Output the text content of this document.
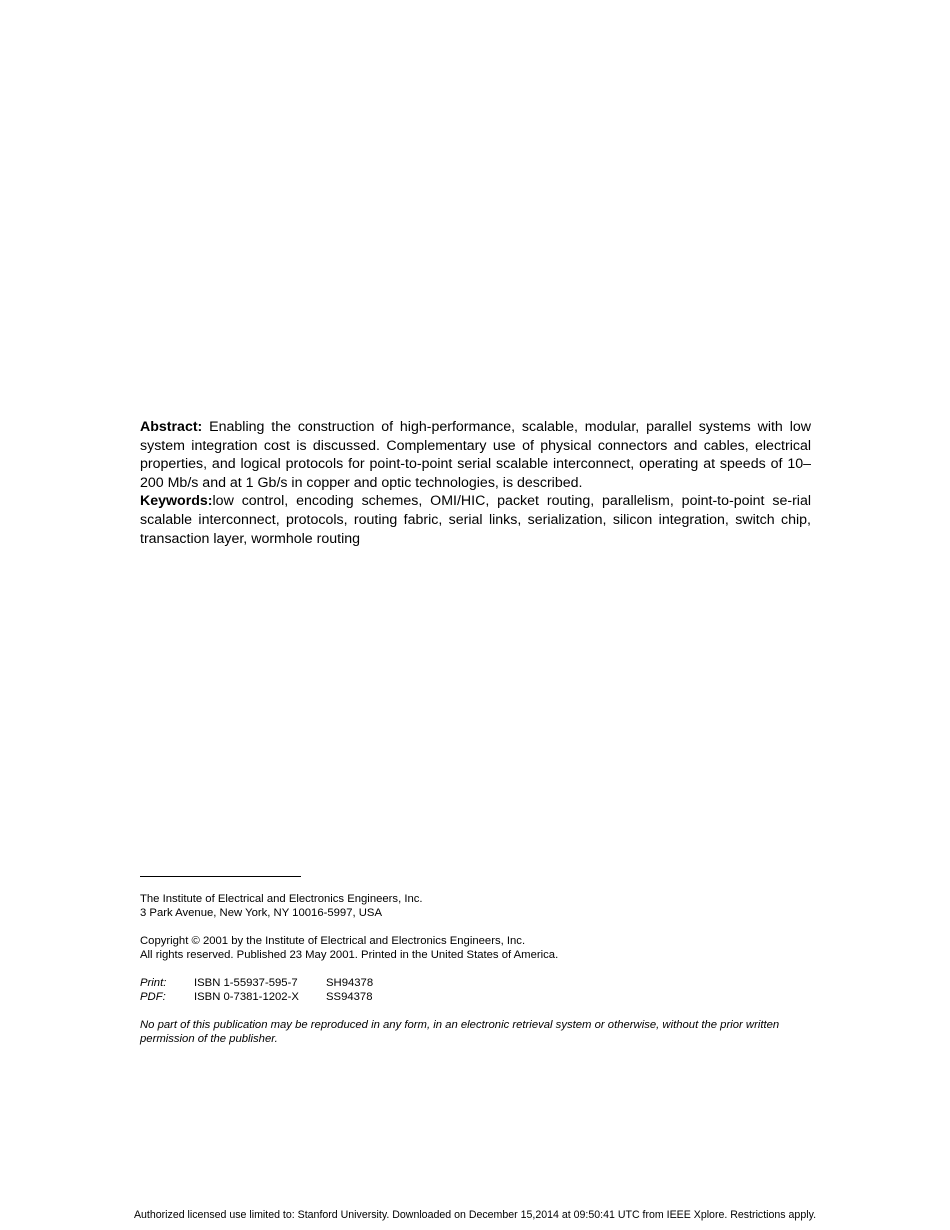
Abstract: Enabling the construction of high-performance, scalable, modular, parallel systems with low system integration cost is discussed. Complementary use of physical connectors and cables, electrical properties, and logical protocols for point-to-point serial scalable interconnect, operating at speeds of 10–200 Mb/s and at 1 Gb/s in copper and optic technologies, is described.

Keywords:low control, encoding schemes, OMI/HIC, packet routing, parallelism, point-to-point se-rial scalable interconnect, protocols, routing fabric, serial links, serialization, silicon integration, switch chip, transaction layer, wormhole routing

The Institute of Electrical and Electronics Engineers, Inc.

3 Park Avenue, New York, NY 10016-5997, USA

Copyright © 2001 by the Institute of Electrical and Electronics Engineers, Inc.

All rights reserved. Published 23 May 2001. Printed in the United States of America.

Print: ISBN 1-55937-595-7	SH94378
PDF:	ISBN 0-7381-1202-X SS94378

No part of this publication may be reproduced in any form, in an electronic retrieval system or otherwise, without the prior written permission of the publisher.

Authorized licensed use limited to: Stanford University. Downloaded on December 15,2014 at 09:50:41 UTC from IEEE Xplore. Restrictions apply.
